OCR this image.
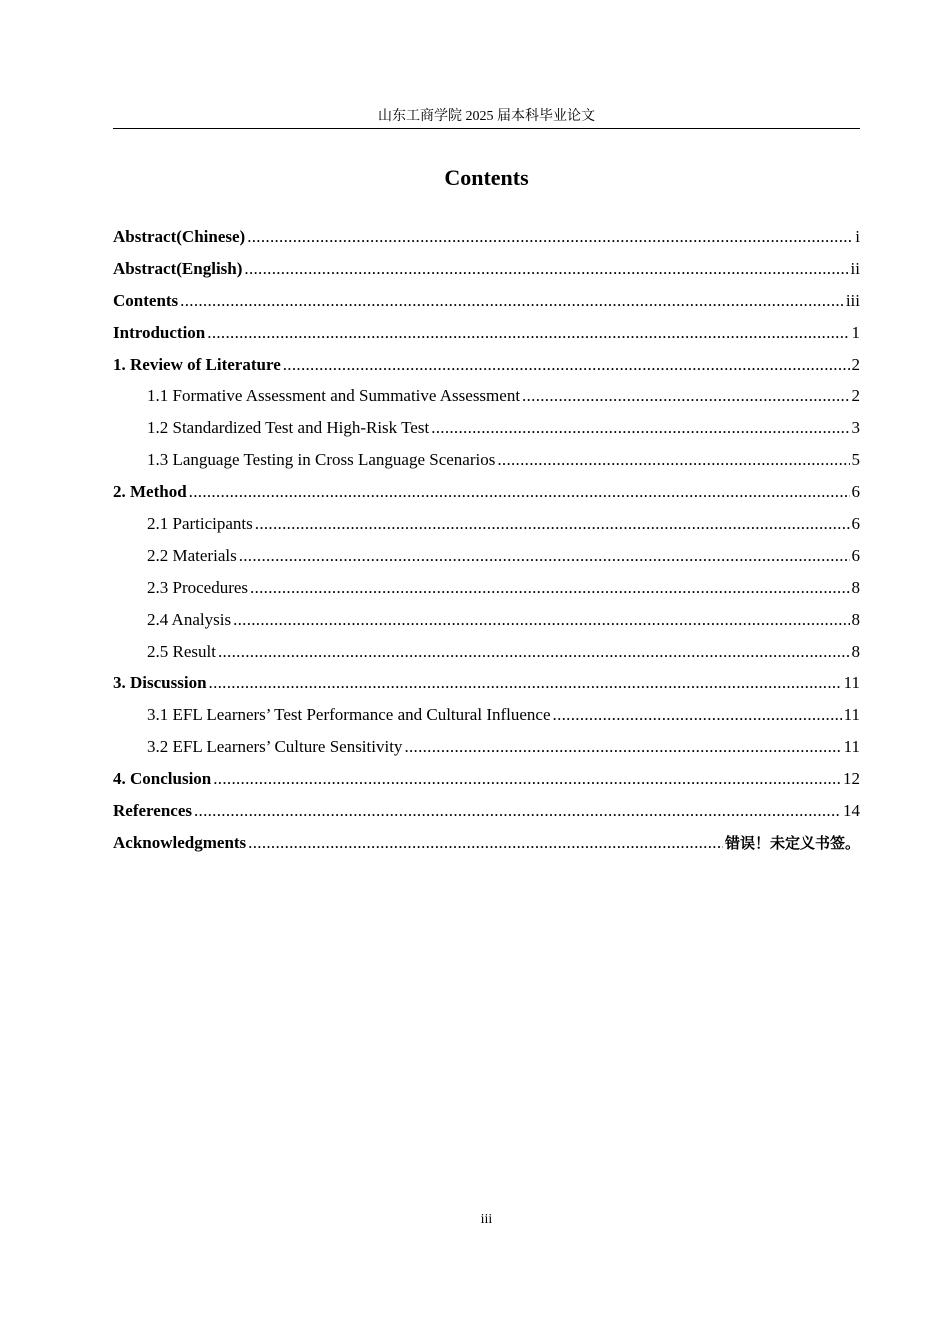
山东工商学院 2025 届本科毕业论文
Contents
Abstract(Chinese) .....	i
Abstract(English) .....	ii
Contents .....	iii
Introduction .....	1
1. Review of Literature .....	2
1.1 Formative Assessment and Summative Assessment .....	2
1.2 Standardized Test and High-Risk Test .....	3
1.3 Language Testing in Cross Language Scenarios .....	5
2. Method .....	6
2.1 Participants .....	6
2.2 Materials .....	6
2.3 Procedures .....	8
2.4 Analysis .....	8
2.5 Result .....	8
3. Discussion .....	11
3.1 EFL Learners’ Test Performance and Cultural Influence .....	11
3.2 EFL Learners’ Culture Sensitivity .....	11
4. Conclusion .....	12
References .....	14
Acknowledgments .....	错误！未定义书签。
iii
